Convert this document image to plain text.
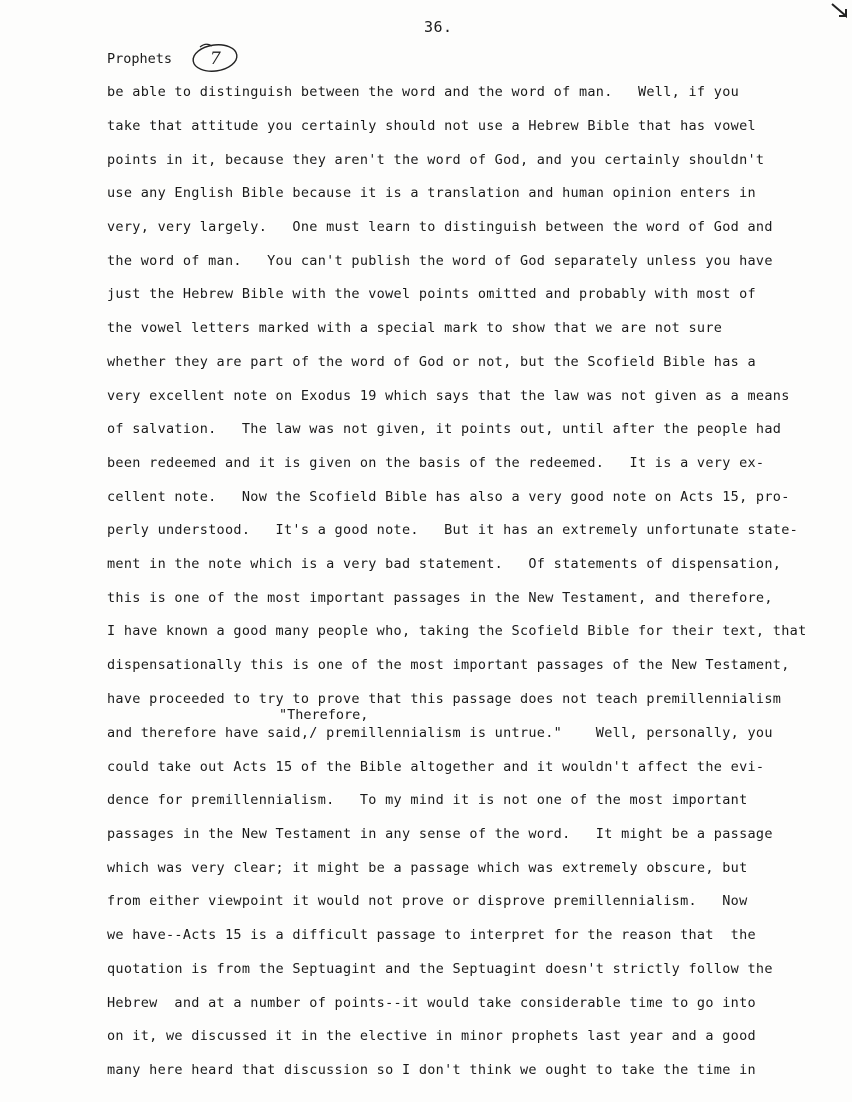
36.
Prophets 7
be able to distinguish between the word and the word of man.   Well, if you
take that attitude you certainly should not use a Hebrew Bible that has vowel
points in it, because they aren't the word of God, and you certainly shouldn't
use any English Bible because it is a translation and human opinion enters in
very, very largely.   One must learn to distinguish between the word of God and
the word of man.   You can't publish the word of God separately unless you have
just the Hebrew Bible with the vowel points omitted and probably with most of
the vowel letters marked with a special mark to show that we are not sure
whether they are part of the word of God or not, but the Scofield Bible has a
very excellent note on Exodus 19 which says that the law was not given as a means
of salvation.   The law was not given, it points out, until after the people had
been redeemed and it is given on the basis of the redeemed.   It is a very ex-
cellent note.   Now the Scofield Bible has also a very good note on Acts 15, pro-
perly understood.   It's a good note.   But it has an extremely unfortunate state-
ment in the note which is a very bad statement.   Of statements of dispensation,
this is one of the most important passages in the New Testament, and therefore,
I have known a good many people who, taking the Scofield Bible for their text, that
dispensationally this is one of the most important passages of the New Testament,
have proceeded to try to prove that this passage does not teach premillennialism
"Therefore,
and therefore have said,/ premillennialism is untrue."    Well, personally, you
could take out Acts 15 of the Bible altogether and it wouldn't affect the evi-
dence for premillennialism.   To my mind it is not one of the most important
passages in the New Testament in any sense of the word.   It might be a passage
which was very clear; it might be a passage which was extremely obscure, but
from either viewpoint it would not prove or disprove premillennialism.   Now
we have--Acts 15 is a difficult passage to interpret for the reason that  the
quotation is from the Septuagint and the Septuagint doesn't strictly follow the
Hebrew  and at a number of points--it would take considerable time to go into
on it, we discussed it in the elective in minor prophets last year and a good
many here heard that discussion so I don't think we ought to take the time in
